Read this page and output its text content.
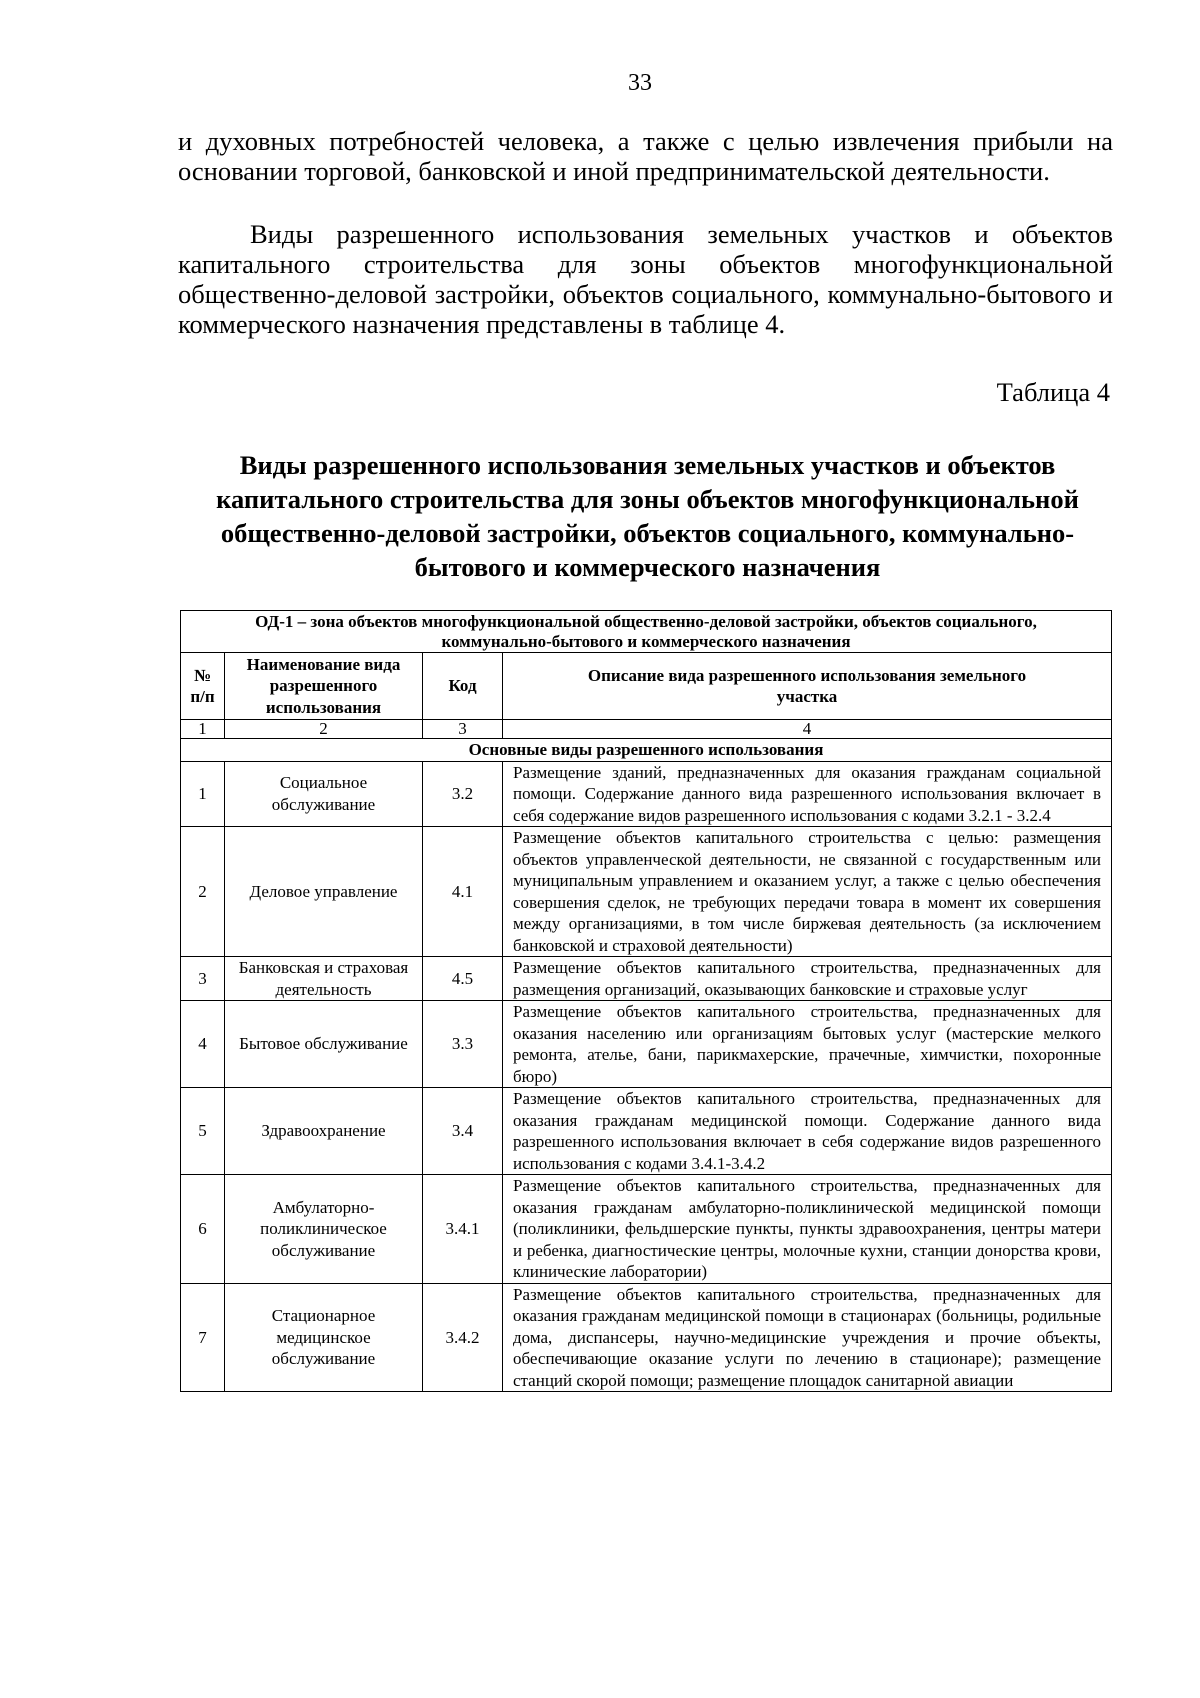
33

и духовных потребностей человека, а также с целью извлечения прибыли на основании торговой, банковской и иной предпринимательской деятельности.

Виды разрешенного использования земельных участков и объектов капитального строительства для зоны объектов многофункциональной общественно-деловой застройки, объектов социального, коммунально-бытового и коммерческого назначения представлены в таблице 4.

Таблица 4

Виды разрешенного использования земельных участков и объектов капитального строительства для зоны объектов многофункциональной общественно-деловой застройки, объектов социального, коммунально-бытового и коммерческого назначения

ОД-1 – зона объектов многофункциональной общественно-деловой застройки, объектов социального, коммунально-бытового и коммерческого назначения			
№ п/п	Наименование вида разрешенного использования	Код	Описание вида разрешенного использования земельного участка
1	2	3	4
Основные виды разрешенного использования			
1	Социальное обслуживание	3.2	Размещение зданий, предназначенных для оказания гражданам социальной помощи. Содержание данного вида разрешенного использования включает в себя содержание видов разрешенного использования с кодами 3.2.1 - 3.2.4
2	Деловое управление	4.1	Размещение объектов капитального строительства с целью: размещения объектов управленческой деятельности, не связанной с государственным или муниципальным управлением и оказанием услуг, а также с целью обеспечения совершения сделок, не требующих передачи товара в момент их совершения между организациями, в том числе биржевая деятельность (за исключением банковской и страховой деятельности)
3	Банковская и страховая деятельность	4.5	Размещение объектов капитального строительства, предназначенных для размещения организаций, оказывающих банковские и страховые услуг
4	Бытовое обслуживание	3.3	Размещение объектов капитального строительства, предназначенных для оказания населению или организациям бытовых услуг (мастерские мелкого ремонта, ателье, бани, парикмахерские, прачечные, химчистки, похоронные бюро)
5	Здравоохранение	3.4	Размещение объектов капитального строительства, предназначенных для оказания гражданам медицинской помощи. Содержание данного вида разрешенного использования включает в себя содержание видов разрешенного использования с кодами 3.4.1-3.4.2
6	Амбулаторно-поликлиническое обслуживание	3.4.1	Размещение объектов капитального строительства, предназначенных для оказания гражданам амбулаторно-поликлинической медицинской помощи (поликлиники, фельдшерские пункты, пункты здравоохранения, центры матери и ребенка, диагностические центры, молочные кухни, станции донорства крови, клинические лаборатории)
7	Стационарное медицинское обслуживание	3.4.2	Размещение объектов капитального строительства, предназначенных для оказания гражданам медицинской помощи в стационарах (больницы, родильные дома, диспансеры, научно-медицинские учреждения и прочие объекты, обеспечивающие оказание услуги по лечению в стационаре); размещение станций скорой помощи; размещение площадок санитарной авиации
